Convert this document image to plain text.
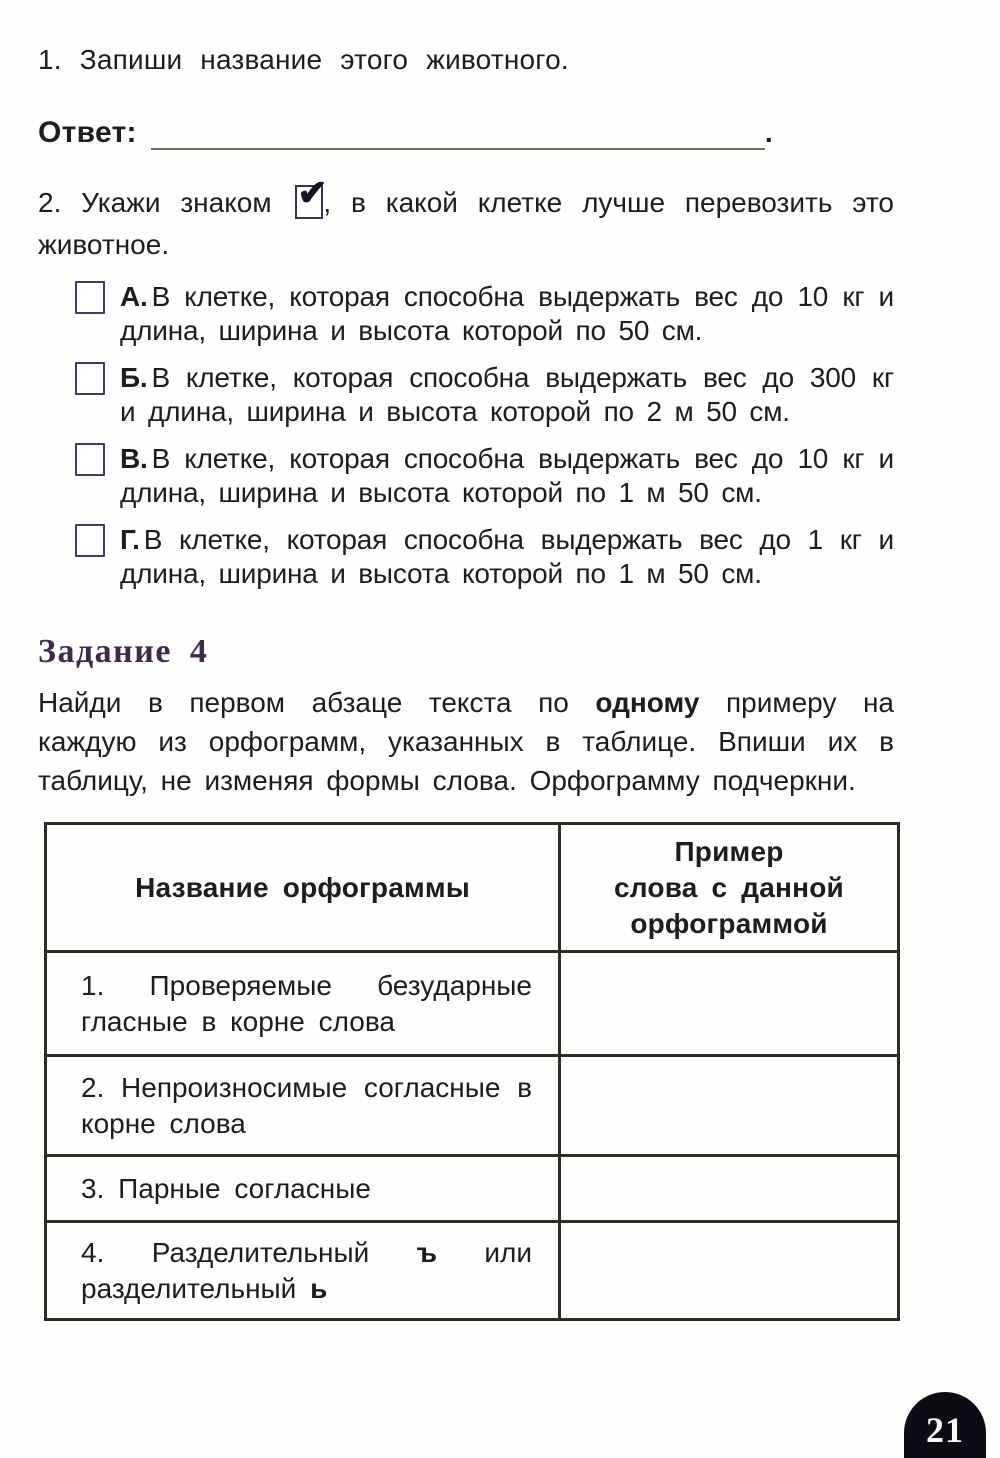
1. Запиши название этого животного.

Ответ:	.

2. Укажи знаком ✔
, в какой клетке лучше перевозить это животное.

А. В клетке, которая способна выдержать вес до 10 кг и длина, ширина и высота которой по 50 см.

Б. В клетке, которая способна выдержать вес до 300 кг и длина, ширина и высота которой по 2 м 50 см.

В. В клетке, которая способна выдержать вес до 10 кг и длина, ширина и высота которой по 1 м 50 см.

Г. В клетке, которая способна выдержать вес до 1 кг и длина, ширина и высота которой по 1 м 50 см.

Задание 4

Найди в первом абзаце текста по одному примеру на каждую из орфограмм, указанных в таблице. Впиши их в таблицу, не изменяя формы слова. Орфограмму подчеркни.

Название орфограммы	Пример
слова с данной
орфограммой

1. Проверяемые безударные гласные в корне слова	
2. Непроизносимые согласные в корне слова	
3. Парные согласные	
4. Разделительный ъ или разделительный ь	
21
